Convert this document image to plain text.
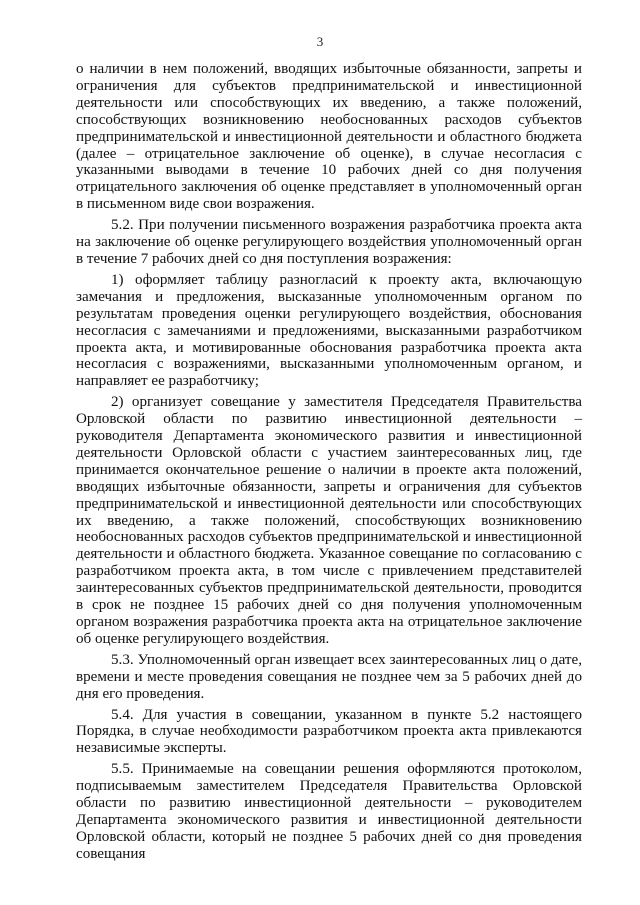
3

о наличии в нем положений, вводящих избыточные обязанности, запреты и ограничения для субъектов предпринимательской и инвестиционной деятельности или способствующих их введению, а также положений, способствующих возникновению необоснованных расходов субъектов предпринимательской и инвестиционной деятельности и областного бюджета (далее – отрицательное заключение об оценке), в случае несогласия с указанными выводами в течение 10 рабочих дней со дня получения отрицательного заключения об оценке представляет в уполномоченный орган в письменном виде свои возражения.

5.2. При получении письменного возражения разработчика проекта акта на заключение об оценке регулирующего воздействия уполномоченный орган в течение 7 рабочих дней со дня поступления возражения:

1) оформляет таблицу разногласий к проекту акта, включающую замечания и предложения, высказанные уполномоченным органом по результатам проведения оценки регулирующего воздействия, обоснования несогласия с замечаниями и предложениями, высказанными разработчиком проекта акта, и мотивированные обоснования разработчика проекта акта несогласия с возражениями, высказанными уполномоченным органом, и направляет ее разработчику;

2) организует совещание у заместителя Председателя Правительства Орловской области по развитию инвестиционной деятельности – руководителя Департамента экономического развития и инвестиционной деятельности Орловской области с участием заинтересованных лиц, где принимается окончательное решение о наличии в проекте акта положений, вводящих избыточные обязанности, запреты и ограничения для субъектов предпринимательской и инвестиционной деятельности или способствующих их введению, а также положений, способствующих возникновению необоснованных расходов субъектов предпринимательской и инвестиционной деятельности и областного бюджета. Указанное совещание по согласованию с разработчиком проекта акта, в том числе с привлечением представителей заинтересованных субъектов предпринимательской деятельности, проводится в срок не позднее 15 рабочих дней со дня получения уполномоченным органом возражения разработчика проекта акта на отрицательное заключение об оценке регулирующего воздействия.

5.3. Уполномоченный орган извещает всех заинтересованных лиц о дате, времени и месте проведения совещания не позднее чем за 5 рабочих дней до дня его проведения.

5.4. Для участия в совещании, указанном в пункте 5.2 настоящего Порядка, в случае необходимости разработчиком проекта акта привлекаются независимые эксперты.

5.5. Принимаемые на совещании решения оформляются протоколом, подписываемым заместителем Председателя Правительства Орловской области по развитию инвестиционной деятельности – руководителем Департамента экономического развития и инвестиционной деятельности Орловской области, который не позднее 5 рабочих дней со дня проведения совещания
